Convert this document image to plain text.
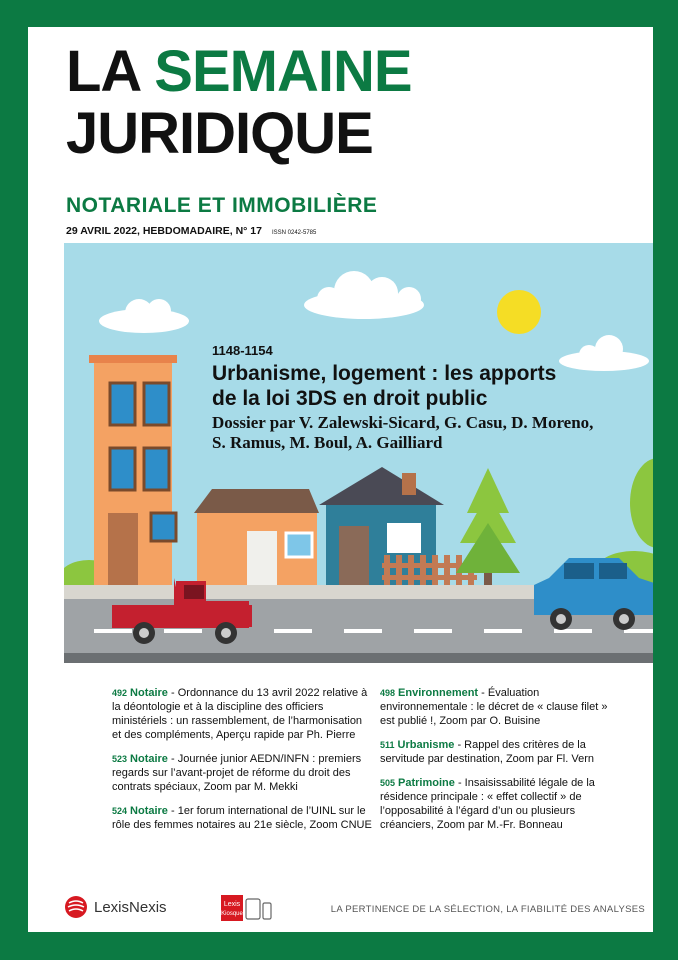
LA SEMAINE
JURIDIQUE
NOTARIALE ET IMMOBILIÈRE
29 AVRIL 2022, HEBDOMADAIRE, N° 17 ISSN 0242-5785
1148-1154
Urbanisme, logement : les apports
de la loi 3DS en droit public
Dossier par V. Zalewski-Sicard, G. Casu, D. Moreno,
S. Ramus, M. Boul, A. Gailliard
492 Notaire - Ordonnance du 13 avril 2022 relative à la déontologie et à la discipline des officiers ministériels : un rassemblement, de l’harmonisation et des compléments, Aperçu rapide par Ph. Pierre
523 Notaire - Journée junior AEDN/INFN : premiers regards sur l’avant-projet de réforme du droit des contrats spéciaux, Zoom par M. Mekki
524 Notaire - 1er forum international de l’UINL sur le rôle des femmes notaires au 21e siècle, Zoom CNUE
498 Environnement - Évaluation environnementale : le décret de « clause filet » est publié !, Zoom par O. Buisine
511 Urbanisme - Rappel des critères de la servitude par destination, Zoom par Fl. Vern
505 Patrimoine - Insaisissabilité légale de la résidence principale : « effet collectif » de l’opposabilité à l’égard d’un ou plusieurs créanciers, Zoom par M.-Fr. Bonneau
LexisNexis	Lexis
Kiosque	LA PERTINENCE DE LA SÉLECTION, LA FIABILITÉ DES ANALYSES
